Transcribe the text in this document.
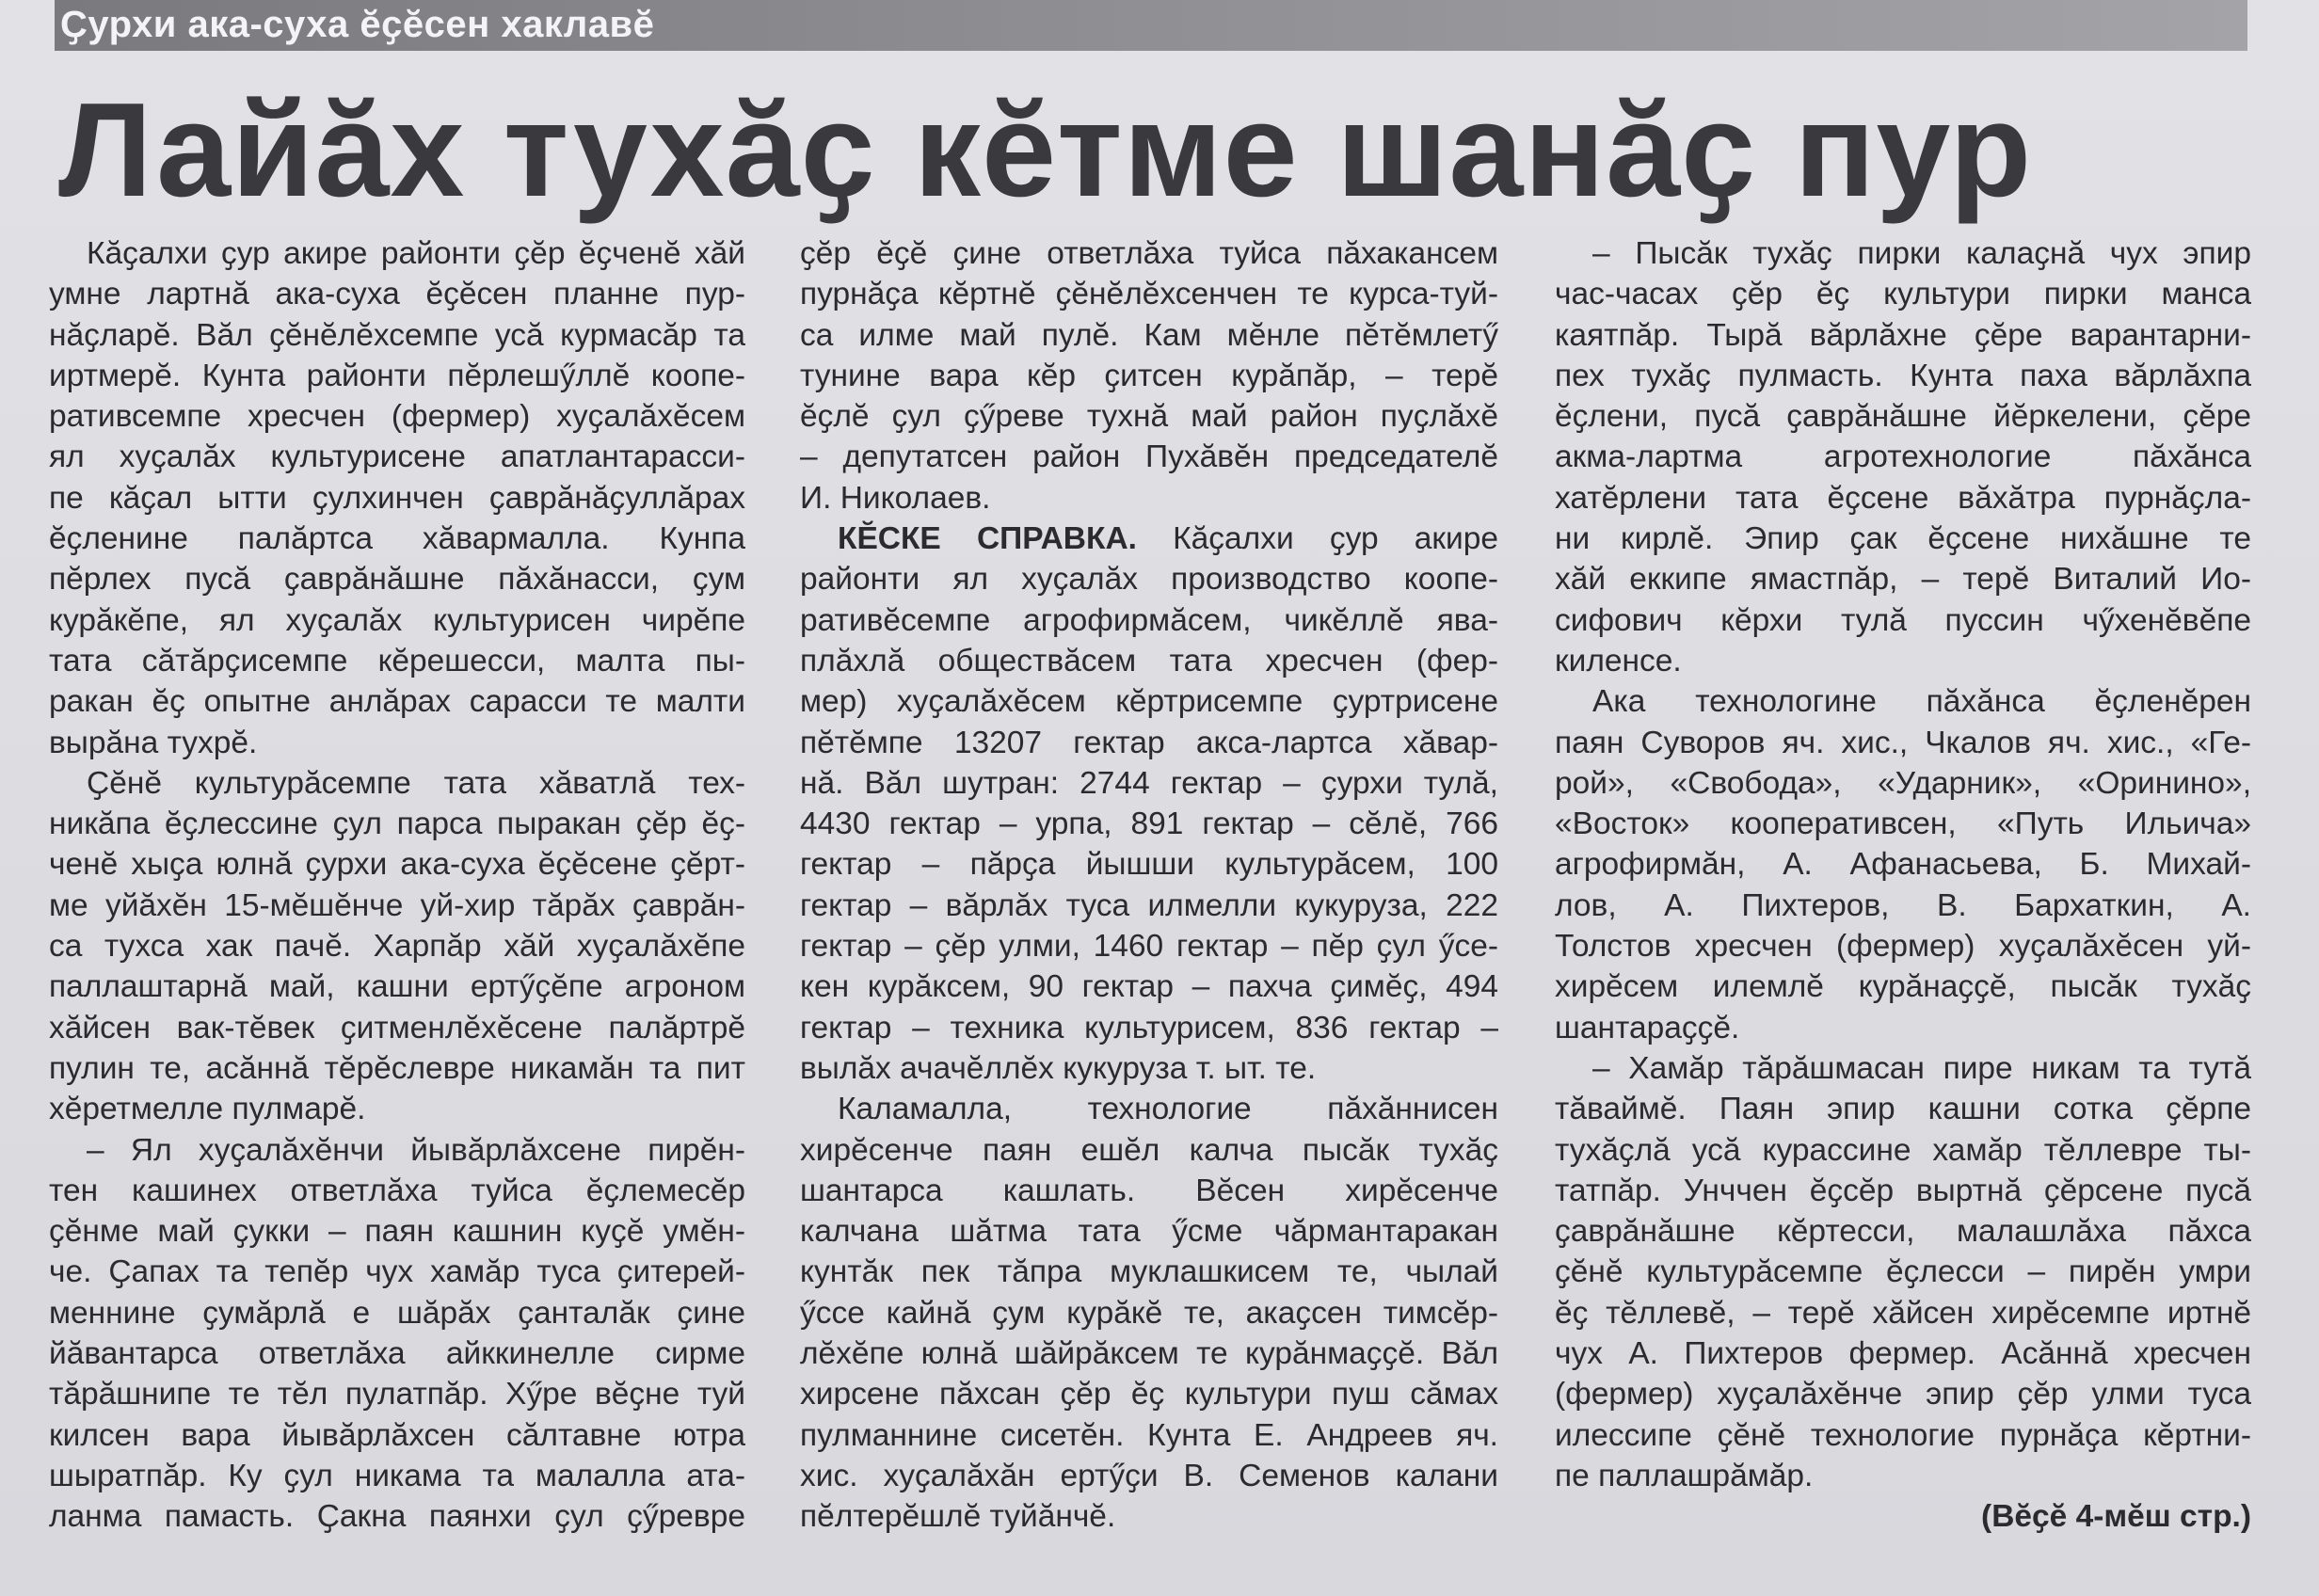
Ҫурхи ака-суха ӗҫӗсен хаклавӗ
Лайӑх тухӑҫ кӗтме шанӑҫ пур
Кӑҫалхи ҫур акире районти ҫӗр ӗҫченӗ хӑй
умне лартнӑ ака-суха ӗҫӗсен планне пур-
нӑҫларӗ. Вӑл ҫӗнӗлӗхсемпе усӑ курмасӑр та
иртмерӗ. Кунта районти пӗрлешӳллӗ коопе-
ративсемпе хресчен (фермер) хуҫалӑхӗсем
ял хуҫалӑх культурисене апатлантарасси-
пе кӑҫал ытти ҫулхинчен ҫаврӑнӑҫуллӑрах
ӗҫленине палӑртса хӑвармалла. Кунпа
пӗрлех пусӑ ҫаврӑнӑшне пӑхӑнасси, ҫум
курӑкӗпе, ял хуҫалӑх культурисен чирӗпе
тата сӑтӑрҫисемпе кӗрешесси, малта пы-
ракан ӗҫ опытне анлӑрах сарасси те малти
вырӑна тухрӗ.
Ҫӗнӗ культурӑсемпе тата хӑватлӑ тех-
никӑпа ӗҫлессине ҫул парса пыракан ҫӗр ӗҫ-
ченӗ хыҫа юлнӑ ҫурхи ака-суха ӗҫӗсене ҫӗрт-
ме уйӑхӗн 15-мӗшӗнче уй-хир тӑрӑх ҫаврӑн-
са тухса хак пачӗ. Харпӑр хӑй хуҫалӑхӗпе
паллаштарнӑ май, кашни ертӳҫӗпе агроном
хӑйсен вак-тӗвек ҫитменлӗхӗсене палӑртрӗ
пулин те, асӑннӑ тӗрӗслевре никамӑн та пит
хӗретмелле пулмарӗ.
– Ял хуҫалӑхӗнчи йывӑрлӑхсене пирӗн-
тен кашинех ответлӑха туйса ӗҫлемесӗр
ҫӗнме май ҫукки – паян кашнин куҫӗ умӗн-
че. Ҫапах та тепӗр чух хамӑр туса ҫитерей-
меннине ҫумӑрлӑ е шӑрӑх ҫанталӑк ҫине
йӑвантарса ответлӑха айккинелле сирме
тӑрӑшнипе те тӗл пулатпӑр. Хӳре вӗҫне туй
килсен вара йывӑрлӑхсен сӑлтавне ютра
шыратпӑр. Ку ҫул никама та малалла ата-
ланма памасть. Ҫакна паянхи ҫул ҫӳревре
ҫӗр ӗҫӗ ҫине ответлӑха туйса пӑхакансем
пурнӑҫа кӗртнӗ ҫӗнӗлӗхсенчен те курса-туй-
са илме май пулӗ. Кам мӗнле пӗтӗмлетӳ
тунине вара кӗр ҫитсен курӑпӑр, – терӗ
ӗҫлӗ ҫул ҫӳреве тухнӑ май район пуҫлӑхӗ
– депутатсен район Пухӑвӗн председателӗ
И. Николаев.
КӖСКЕ СПРАВКА. Кӑҫалхи ҫур акире
районти ял хуҫалӑх производство коопе-
ративӗсемпе агрофирмӑсем, чикӗллӗ ява-
плӑхлӑ обществӑсем тата хресчен (фер-
мер) хуҫалӑхӗсем кӗртрисемпе ҫуртрисене
пӗтӗмпе 13207 гектар акса-лартса хӑвар-
нӑ. Вӑл шутран: 2744 гектар – ҫурхи тулӑ,
4430 гектар – урпа, 891 гектар – сӗлӗ, 766
гектар – пӑрҫа йышши культурӑсем, 100
гектар – вӑрлӑх туса илмелли кукуруза, 222
гектар – ҫӗр улми, 1460 гектар – пӗр ҫул ӳсе-
кен курӑксем, 90 гектар – пахча ҫимӗҫ, 494
гектар – техника культурисем, 836 гектар –
вылӑх ачачӗллӗх кукуруза т. ыт. те.
Каламалла, технологие пӑхӑннисен
хирӗсенче паян ешӗл калча пысӑк тухӑҫ
шантарса кашлать. Вӗсен хирӗсенче
калчана шӑтма тата ӳсме чӑрмантаракан
кунтӑк пек тӑпра муклашкисем те, чылай
ӳссе кайнӑ ҫум курӑкӗ те, акаҫсен тимсӗр-
лӗхӗпе юлнӑ шӑйрӑксем те курӑнмаҫҫӗ. Вӑл
хирсене пӑхсан ҫӗр ӗҫ культури пуш сӑмах
пулманнине сисетӗн. Кунта Е. Андреев яч.
хис. хуҫалӑхӑн ертӳҫи В. Семенов калани
пӗлтерӗшлӗ туйӑнчӗ.
– Пысӑк тухӑҫ пирки калаҫнӑ чух эпир
час-часах ҫӗр ӗҫ культури пирки манса
каятпӑр. Тырӑ вӑрлӑхне ҫӗре варантарни-
пех тухӑҫ пулмасть. Кунта паха вӑрлӑхпа
ӗҫлени, пусӑ ҫаврӑнӑшне йӗркелени, ҫӗре
акма-лартма агротехнологие пӑхӑнса
хатӗрлени тата ӗҫсене вӑхӑтра пурнӑҫла-
ни кирлӗ. Эпир ҫак ӗҫсене нихӑшне те
хӑй еккипе ямастпӑр, – терӗ Виталий Ио-
сифович кӗрхи тулӑ пуссин чӳхенӗвӗпе
киленсе.
Ака технологине пӑхӑнса ӗҫленӗрен
паян Суворов яч. хис., Чкалов яч. хис., «Ге-
рой», «Свобода», «Ударник», «Оринино»,
«Восток» кооперативсен, «Путь Ильича»
агрофирмӑн, А. Афанасьева, Б. Михай-
лов, А. Пихтеров, В. Бархаткин, А.
Толстов хресчен (фермер) хуҫалӑхӗсен уй-
хирӗсем илемлӗ курӑнаҫҫӗ, пысӑк тухӑҫ
шантараҫҫӗ.
– Хамӑр тӑрӑшмасан пире никам та тутӑ
тӑваймӗ. Паян эпир кашни сотка ҫӗрпе
тухӑҫлӑ усӑ курассине хамӑр тӗллевре ты-
татпӑр. Унччен ӗҫсӗр выртнӑ ҫӗрсене пусӑ
ҫаврӑнӑшне кӗртесси, малашлӑха пӑхса
ҫӗнӗ культурӑсемпе ӗҫлесси – пирӗн умри
ӗҫ тӗллевӗ, – терӗ хӑйсен хирӗсемпе иртнӗ
чух А. Пихтеров фермер. Асӑннӑ хресчен
(фермер) хуҫалӑхӗнче эпир ҫӗр улми туса
илессипе ҫӗнӗ технологие пурнӑҫа кӗртни-
пе паллашрӑмӑр.
(Вӗҫӗ 4-мӗш стр.)
